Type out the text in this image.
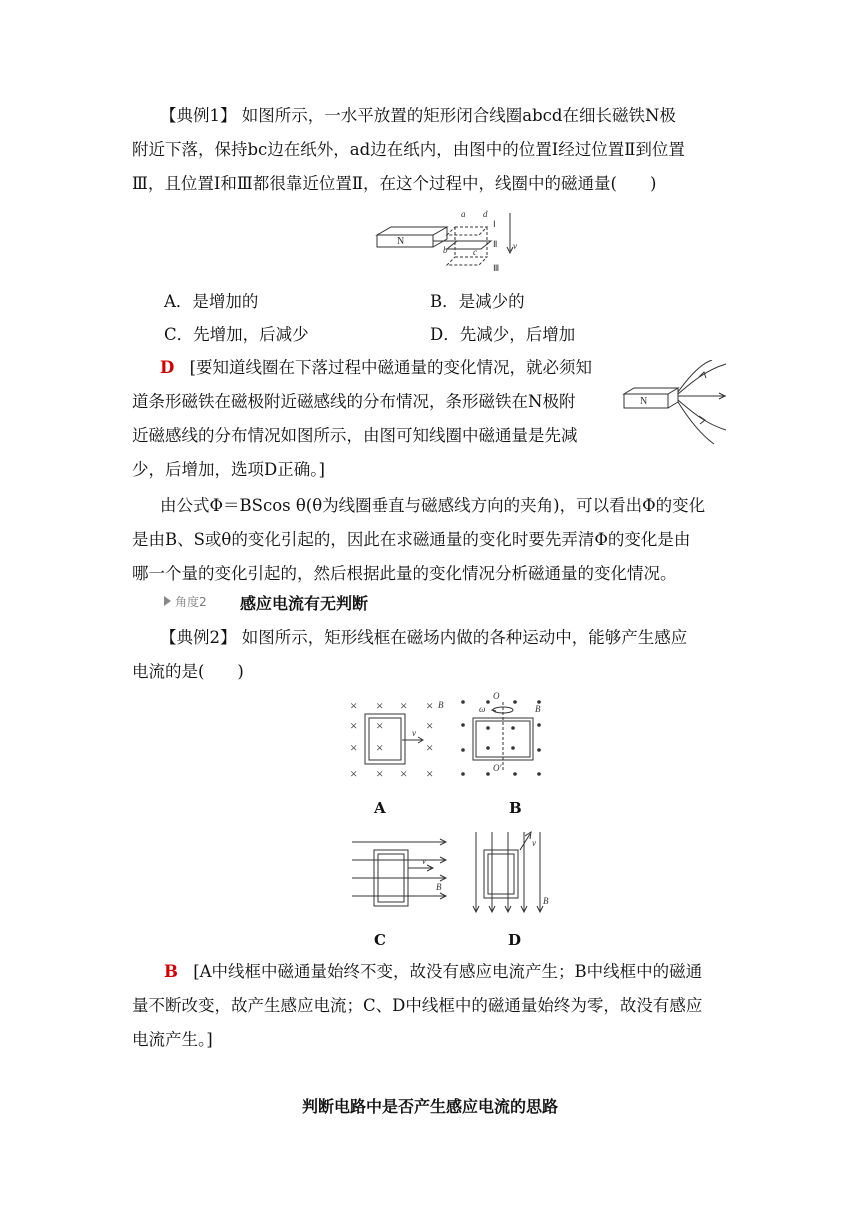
【典例1】 如图所示，一水平放置的矩形闭合线圈abcd在细长磁铁N极
附近下落，保持bc边在纸外，ad边在纸内，由图中的位置Ⅰ经过位置Ⅱ到位置
Ⅲ，且位置Ⅰ和Ⅲ都很靠近位置Ⅱ，在这个过程中，线圈中的磁通量(　　)
N
a d
Ⅰ
Ⅱ
Ⅲ
v
b	c
A．是增加的	B．是减少的
C．先增加，后减少	D．先减少，后增加
D [要知道线圈在下落过程中磁通量的变化情况，就必须知
道条形磁铁在磁极附近磁感线的分布情况，条形磁铁在N极附
近磁感线的分布情况如图所示，由图可知线圈中磁通量是先减
少，后增加，选项D正确。]
N
由公式Φ＝BScos θ(θ为线圈垂直与磁感线方向的夹角)，可以看出Φ的变化
是由B、S或θ的变化引起的，因此在求磁通量的变化时要先弄清Φ的变化是由
哪一个量的变化引起的，然后根据此量的变化情况分析磁通量的变化情况。
角度2 感应电流有无判断
【典例2】 如图所示，矩形线框在磁场内做的各种运动中，能够产生感应
电流的是(　　)
× × × ×
× ×	×
× ×	×
× × × ×
B
v
A
O
ω	B
O′
B
v
B
C
v
B
D
B [A中线框中磁通量始终不变，故没有感应电流产生；B中线框中的磁通
量不断改变，故产生感应电流；C、D中线框中的磁通量始终为零，故没有感应
电流产生。]
判断电路中是否产生感应电流的思路
